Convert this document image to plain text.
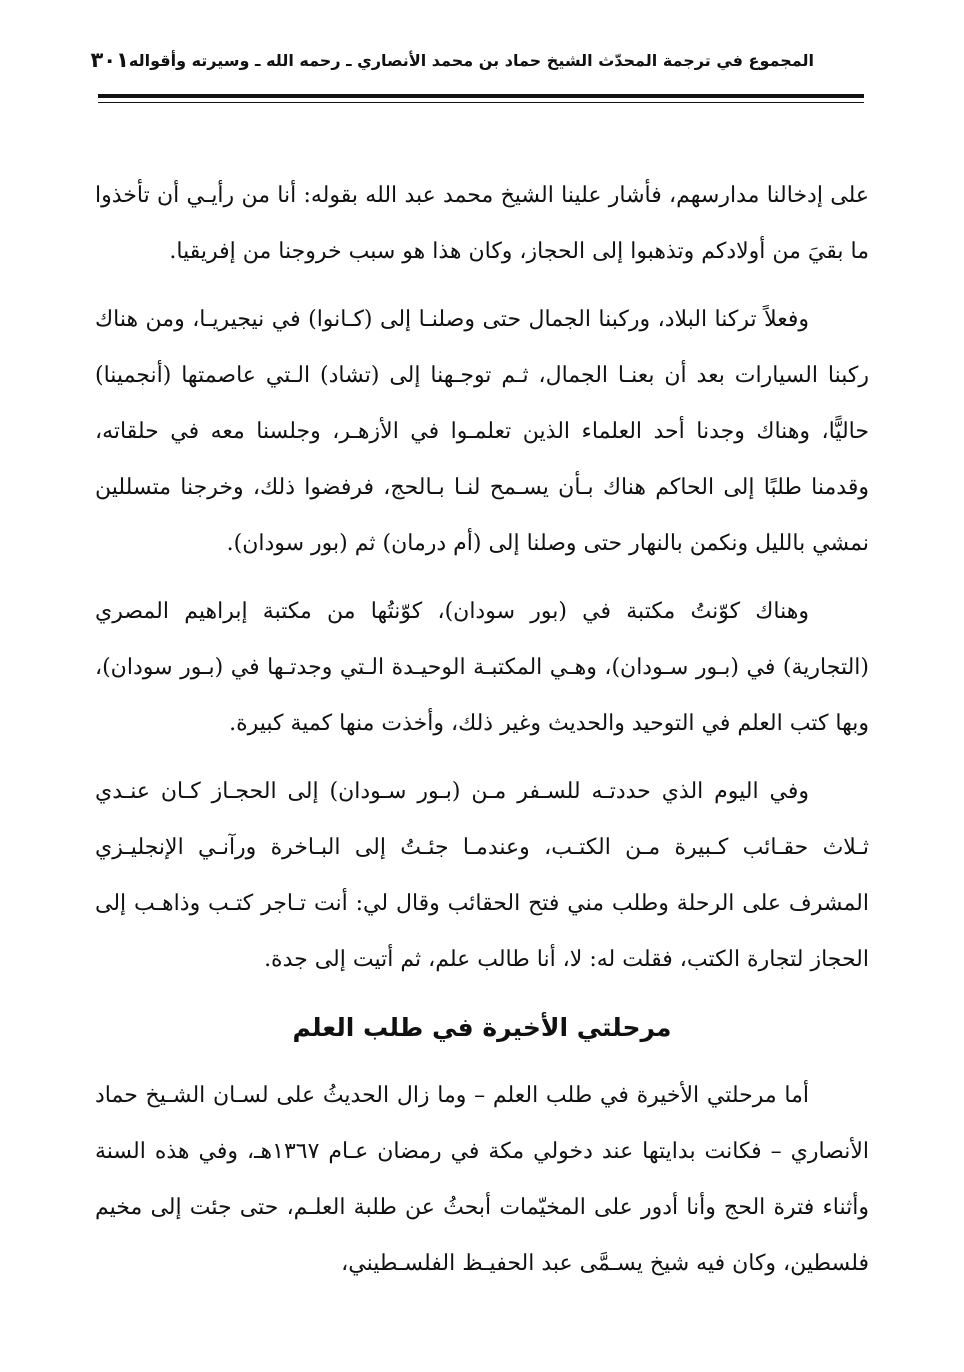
المجموع في ترجمة المحدّث الشيخ حماد بن محمد الأنصاري ـ رحمه الله ـ وسيرته وأقواله
٣٠١

على إدخالنا مدارسهم، فأشار علينا الشيخ محمد عبد الله بقوله: أنا من رأيـي أن تأخذوا ما بقيَ من أولادكم وتذهبوا إلى الحجاز، وكان هذا هو سبب خروجنا من إفريقيا.

وفعلاً تركنا البلاد، وركبنا الجمال حتى وصلنـا إلى (كـانوا) في نيجيريـا، ومن هناك ركبنا السيارات بعد أن بعنـا الجمال، ثـم توجـهنا إلى (تشاد) الـتي عاصمتها (أنجمينا) حاليًّا، وهناك وجدنا أحد العلماء الذين تعلمـوا في الأزهـر، وجلسنا معه في حلقاته، وقدمنا طلبًا إلى الحاكم هناك بـأن يسـمح لنـا بـالحج، فرفضوا ذلك، وخرجنا متسللين نمشي بالليل ونكمن بالنهار حتى وصلنا إلى (أم درمان) ثم (بور سودان).

وهناك كوّنتُ مكتبة في (بور سودان)، كوّنتُها من مكتبة إبراهيم المصري (التجارية) في (بـور سـودان)، وهـي المكتبـة الوحيـدة الـتي وجدتـها في (بـور سودان)، وبها كتب العلم في التوحيد والحديث وغير ذلك، وأخذت منها كمية كبيرة.

وفي اليوم الذي حددتـه للسـفر مـن (بـور سـودان) إلى الحجـاز كـان عنـدي ثـلاث حقـائب كـبيرة مـن الكتـب، وعندمـا جئـتُ إلى البـاخرة ورآنـي الإنجليـزي المشرف على الرحلة وطلب مني فتح الحقائب وقال لي: أنت تـاجر كتـب وذاهـب إلى الحجاز لتجارة الكتب، فقلت له: لا، أنا طالب علم، ثم أتيت إلى جدة.

مرحلتي الأخيرة في طلب العلم

أما مرحلتي الأخيرة في طلب العلم – وما زال الحديثُ على لسـان الشـيخ حماد الأنصاري – فكانت بدايتها عند دخولي مكة في رمضان عـام ١٣٦٧هـ، وفي هذه السنة وأثناء فترة الحج وأنا أدور على المخيّمات أبحثُ عن طلبة العلـم، حتى جئت إلى مخيم فلسطين، وكان فيه شيخ يسـمَّى عبد الحفيـظ الفلسـطيني،
